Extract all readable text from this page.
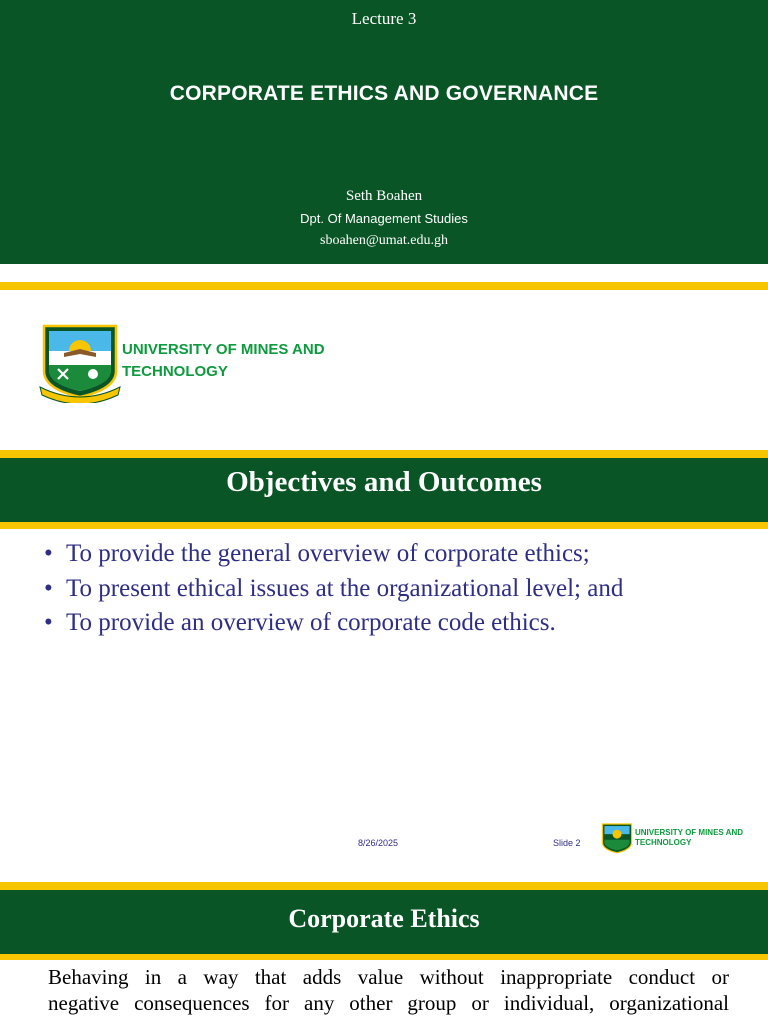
Lecture 3
CORPORATE ETHICS AND GOVERNANCE
Seth Boahen
Dpt. Of Management Studies
sboahen@umat.edu.gh
UNIVERSITY OF MINES AND
TECHNOLOGY
Objectives and Outcomes
• To provide the general overview of corporate ethics;
• To present ethical issues at the organizational level; and
• To provide an overview of corporate code ethics.
8/26/2025	Slide 2
UNIVERSITY OF MINES AND
TECHNOLOGY
Corporate Ethics
Behaving in a way that adds value without inappropriate conduct or
negative consequences for any other group or individual, organizational
